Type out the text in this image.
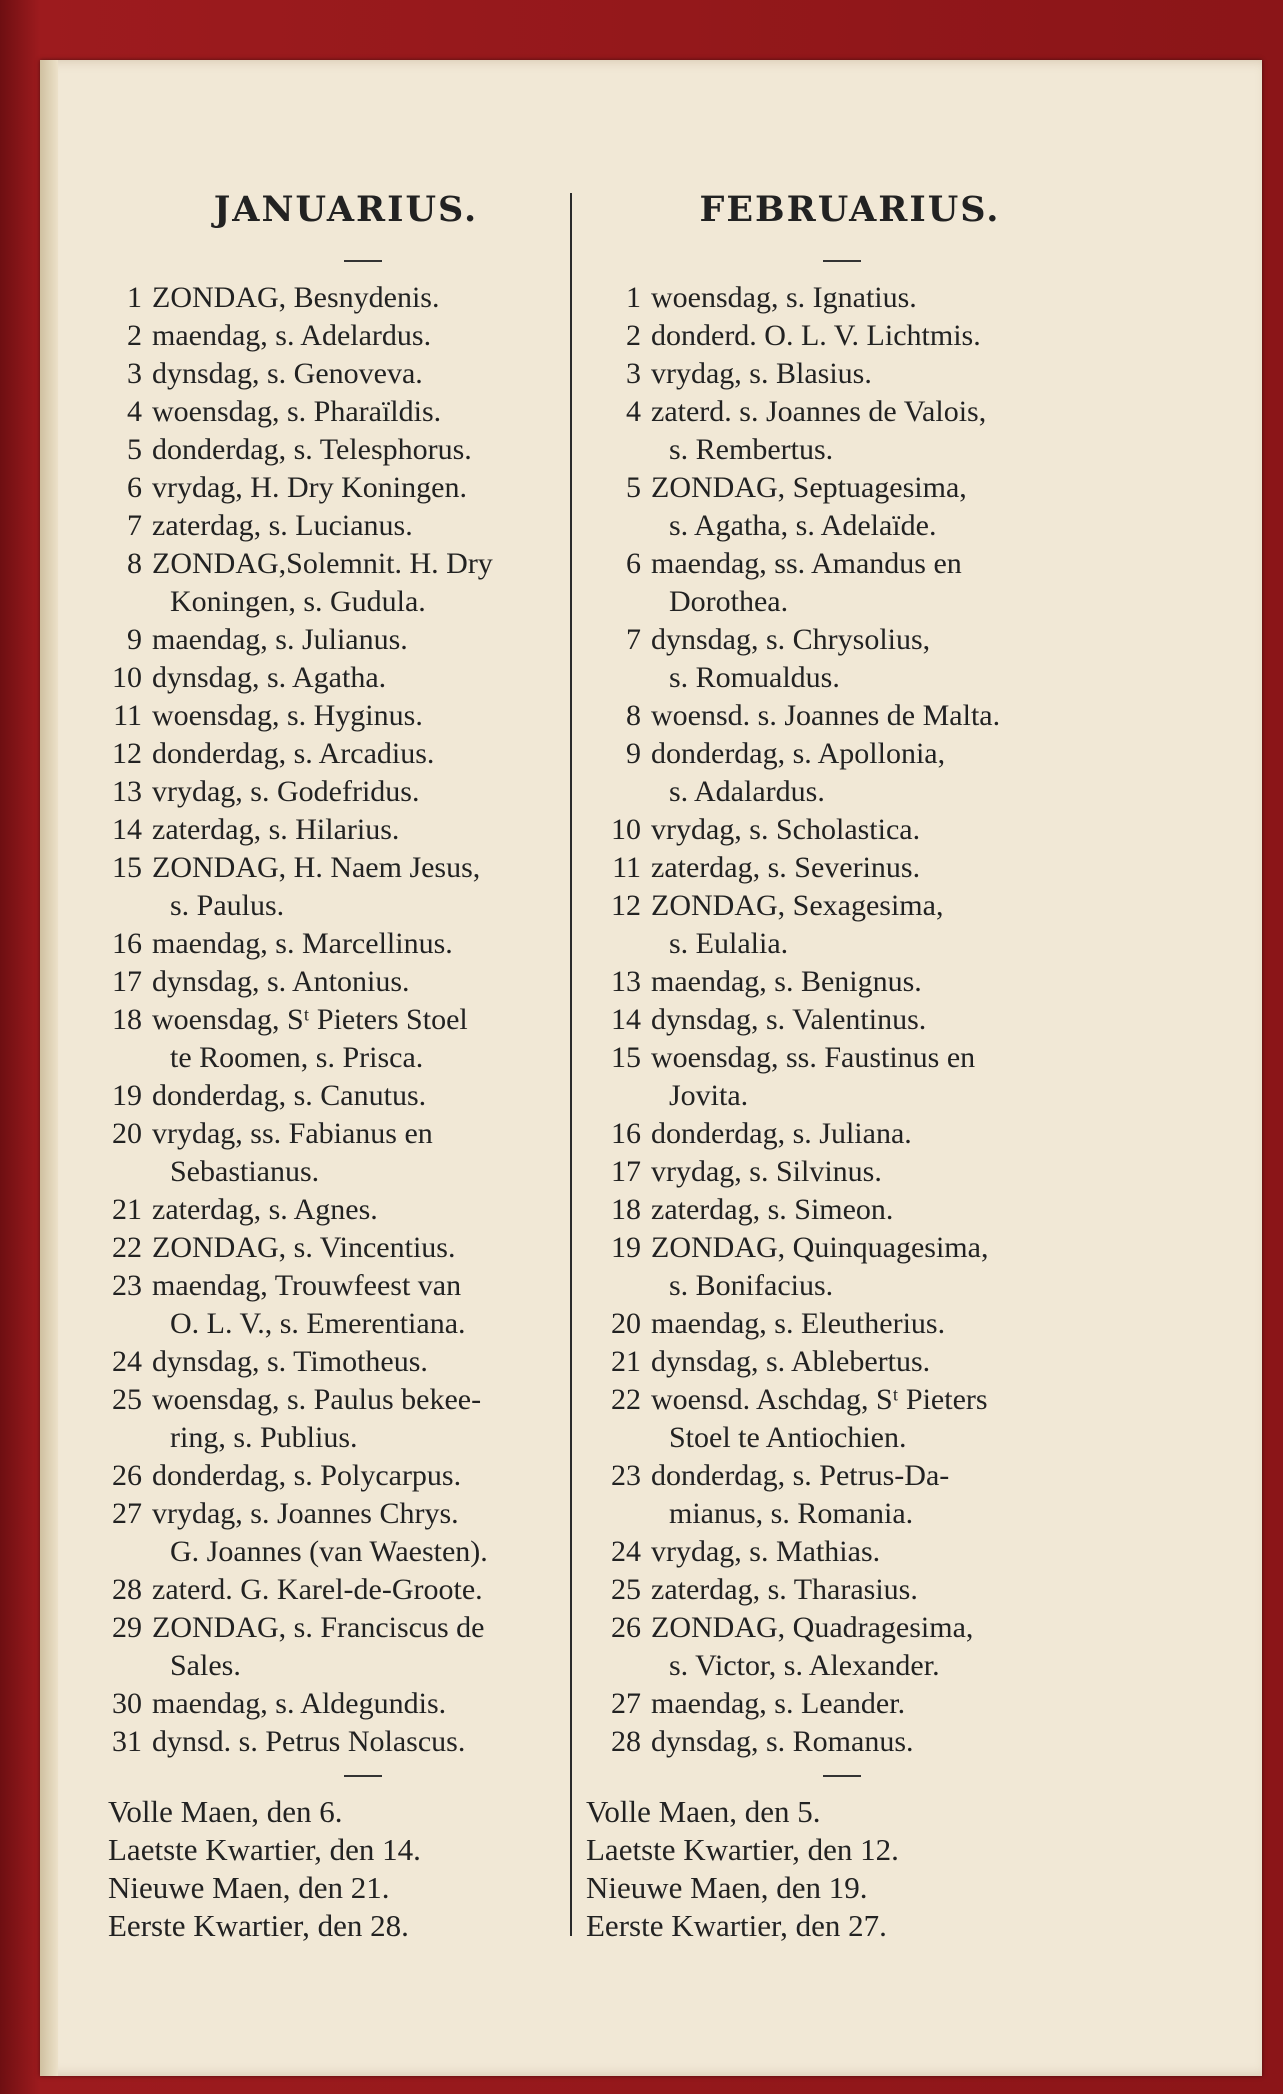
JANUARIUS.
1 ZONDAG, Besnydenis.
2 maendag, s. Adelardus.
3 dynsdag, s. Genoveva.
4 woensdag, s. Pharaïldis.
5 donderdag, s. Telesphorus.
6 vrydag, H. Dry Koningen.
7 zaterdag, s. Lucianus.
8 ZONDAG,Solemnit. H. Dry
Koningen, s. Gudula.
9 maendag, s. Julianus.
10 dynsdag, s. Agatha.
11 woensdag, s. Hyginus.
12 donderdag, s. Arcadius.
13 vrydag, s. Godefridus.
14 zaterdag, s. Hilarius.
15 ZONDAG, H. Naem Jesus,
s. Paulus.
16 maendag, s. Marcellinus.
17 dynsdag, s. Antonius.
18 woensdag, Sᵗ Pieters Stoel
te Roomen, s. Prisca.
19 donderdag, s. Canutus.
20 vrydag, ss. Fabianus en
Sebastianus.
21 zaterdag, s. Agnes.
22 ZONDAG, s. Vincentius.
23 maendag, Trouwfeest van
O. L. V., s. Emerentiana.
24 dynsdag, s. Timotheus.
25 woensdag, s. Paulus bekee-
ring, s. Publius.
26 donderdag, s. Polycarpus.
27 vrydag, s. Joannes Chrys.
G. Joannes (van Waesten).
28 zaterd. G. Karel-de-Groote.
29 ZONDAG, s. Franciscus de
Sales.
30 maendag, s. Aldegundis.
31 dynsd. s. Petrus Nolascus.
Volle Maen, den 6.
Laetste Kwartier, den 14.
Nieuwe Maen, den 21.
Eerste Kwartier, den 28.
FEBRUARIUS.
1 woensdag, s. Ignatius.
2 donderd. O. L. V. Lichtmis.
3 vrydag, s. Blasius.
4 zaterd. s. Joannes de Valois,
s. Rembertus.
5 ZONDAG, Septuagesima,
s. Agatha, s. Adelaïde.
6 maendag, ss. Amandus en
Dorothea.
7 dynsdag, s. Chrysolius,
s. Romualdus.
8 woensd. s. Joannes de Malta.
9 donderdag, s. Apollonia,
s. Adalardus.
10 vrydag, s. Scholastica.
11 zaterdag, s. Severinus.
12 ZONDAG, Sexagesima,
s. Eulalia.
13 maendag, s. Benignus.
14 dynsdag, s. Valentinus.
15 woensdag, ss. Faustinus en
Jovita.
16 donderdag, s. Juliana.
17 vrydag, s. Silvinus.
18 zaterdag, s. Simeon.
19 ZONDAG, Quinquagesima,
s. Bonifacius.
20 maendag, s. Eleutherius.
21 dynsdag, s. Ablebertus.
22 woensd. Aschdag, Sᵗ Pieters
Stoel te Antiochien.
23 donderdag, s. Petrus-Da-
mianus, s. Romania.
24 vrydag, s. Mathias.
25 zaterdag, s. Tharasius.
26 ZONDAG, Quadragesima,
s. Victor, s. Alexander.
27 maendag, s. Leander.
28 dynsdag, s. Romanus.
Volle Maen, den 5.
Laetste Kwartier, den 12.
Nieuwe Maen, den 19.
Eerste Kwartier, den 27.
